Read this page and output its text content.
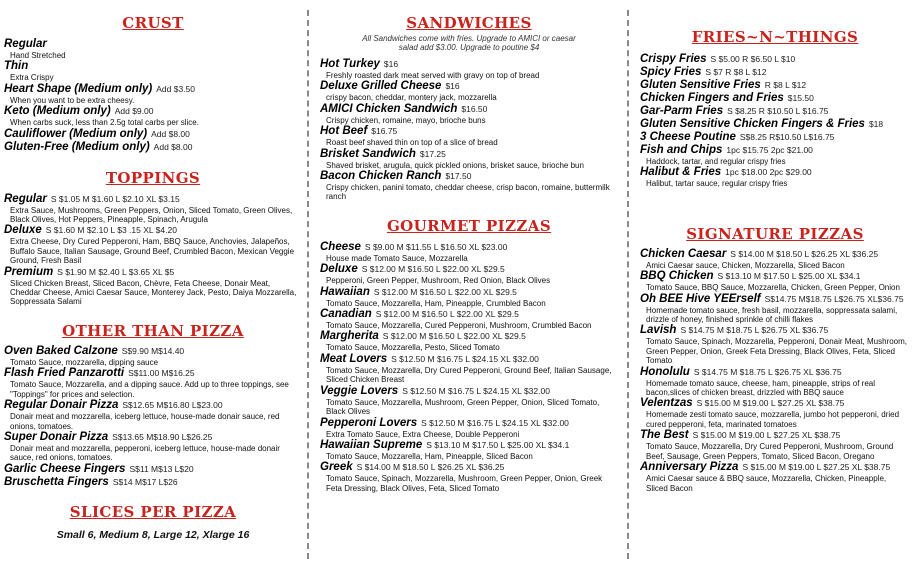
CRUST
Regular
Hand Stretched
Thin
Extra Crispy
Heart Shape (Medium only) Add $3.50
When you want to be extra cheesy.
Keto (Medium only) Add $9.00
When carbs suck, less than 2.5g total carbs per slice.
Cauliflower (Medium only) Add $8.00
Gluten-Free (Medium only) Add $8.00
TOPPINGS
Regular S $1.05 M $1.60 L $2.10 XL $3.15
Extra Sauce, Mushrooms, Green Peppers, Onion, Sliced Tomato, Green Olives, Black Olives, Hot Peppers, Pineapple, Spinach, Arugula
Deluxe S $1.60 M $2.10 L $3 .15 XL $4.20
Extra Cheese, Dry Cured Pepperoni, Ham, BBQ Sauce, Anchovies, Jalapeños, Buffalo Sauce, Italian Sausage, Ground Beef, Crumbled Bacon, Mexican Veggie Ground, Fresh Basil
Premium S $1.90 M $2.40 L $3.65 XL $5
Sliced Chicken Breast, Sliced Bacon, Chèvre, Feta Cheese, Donair Meat, Cheddar Cheese, Amici Caesar Sauce, Monterey Jack, Pesto, Daiya Mozzarella, Soppressata Salami
OTHER THAN PIZZA
Oven Baked Calzone S$9.90 M$14.40
Tomato Sauce, mozzarella, dipping sauce
Flash Fried Panzarotti S$11.00 M$16.25
Tomato Sauce, Mozzarella, and a dipping sauce. Add up to three toppings, see "Toppings" for prices and selection.
Regular Donair Pizza S$12.65 M$16.80 L$23.00
Donair meat and mozzarella, iceberg lettuce, house-made donair sauce, red onions, tomatoes.
Super Donair Pizza S$13.65 M$18.90 L$26.25
Donair meat and mozzarella, pepperoni, iceberg lettuce, house-made donair sauce, red onions, tomatoes.
Garlic Cheese Fingers S$11 M$13 L$20
Bruschetta Fingers S$14 M$17 L$26
SLICES PER PIZZA
Small 6, Medium 8, Large 12, Xlarge 16
SANDWICHES
All Sandwiches come with fries. Upgrade to AMICI or caesar salad add $3.00. Upgrade to poutine $4
Hot Turkey $16
Freshly roasted dark meat served with gravy on top of bread
Deluxe Grilled Cheese $16
crispy bacon, cheddar, montery jack, mozzarella
AMICI Chicken Sandwich $16.50
Crispy chicken, romaine, mayo, brioche buns
Hot Beef $16.75
Roast beef shaved thin on top of a slice of bread
Brisket Sandwich $17.25
Shaved brisket, arugula, quick pickled onions, brisket sauce, brioche bun
Bacon Chicken Ranch $17.50
Crispy chicken, panini tomato, cheddar cheese, crisp bacon, romaine, buttermilk ranch
GOURMET PIZZAS
Cheese S $9.00 M $11.55 L $16.50 XL $23.00
House made Tomato Sauce, Mozzarella
Deluxe S $12.00 M $16.50 L $22.00 XL $29.5
Pepperoni, Green Pepper, Mushroom, Red Onion, Black Olives
Hawaiian S $12.00 M $16.50 L $22.00 XL $29.5
Tomato Sauce, Mozzarella, Ham, Pineapple, Crumbled Bacon
Canadian S $12.00 M $16.50 L $22.00 XL $29.5
Tomato Sauce, Mozzarella, Cured Pepperoni, Mushroom, Crumbled Bacon
Margherita S $12.00 M $16.50 L $22.00 XL $29.5
Tomato Sauce, Mozzarella, Pesto, Sliced Tomato
Meat Lovers S $12.50 M $16.75 L $24.15 XL $32.00
Tomato Sauce, Mozzarella, Dry Cured Pepperoni, Ground Beef, Italian Sausage, Sliced Chicken Breast
Veggie Lovers S $12.50 M $16.75 L $24.15 XL $32.00
Tomato Sauce, Mozzarella, Mushroom, Green Pepper, Onion, Sliced Tomato, Black Olives
Pepperoni Lovers S $12.50 M $16.75 L $24.15 XL $32.00
Extra Tomato Sauce, Extra Cheese, Double Pepperoni
Hawaiian Supreme S $13.10 M $17.50 L $25.00 XL $34.1
Tomato Sauce, Mozzarella, Ham, Pineapple, Sliced Bacon
Greek S $14.00 M $18.50 L $26.25 XL $36.25
Tomato Sauce, Spinach, Mozzarella, Mushroom, Green Pepper, Onion, Greek Feta Dressing, Black Olives, Feta, Sliced Tomato
FRIES~N~THINGS
Crispy Fries S $5.00 R $6.50 L $10
Spicy Fries S $7 R $8 L $12
Gluten Sensitive Fries R $8 L $12
Chicken Fingers and Fries $15.50
Gar-Parm Fries S $8.25 R $10.50 L $16.75
Gluten Sensitive Chicken Fingers & Fries $18
3 Cheese Poutine S$8.25 R$10.50 L$16.75
Fish and Chips 1pc $15.75 2pc $21.00
Haddock, tartar, and regular crispy fries
Halibut & Fries 1pc $18.00 2pc $29.00
Halibut, tartar sauce, regular crispy fries
SIGNATURE PIZZAS
Chicken Caesar S $14.00 M $18.50 L $26.25 XL $36.25
Amici Caesar sauce, Chicken, Mozzarella, Sliced Bacon
BBQ Chicken S $13.10 M $17.50 L $25.00 XL $34.1
Tomato Sauce, BBQ Sauce, Mozzarella, Chicken, Green Pepper, Onion
Oh BEE Hive YEErself S$14.75 M$18.75 L$26.75 XL$36.75
Homemade tomato sauce, fresh basil, mozzarella, soppressata salami, drizzle of honey, finished sprinkle of chilli flakes
Lavish S $14.75 M $18.75 L $26.75 XL $36.75
Tomato Sauce, Spinach, Mozzarella, Pepperoni, Donair Meat, Mushroom, Green Pepper, Onion, Greek Feta Dressing, Black Olives, Feta, Sliced Tomato
Honolulu S $14.75 M $18.75 L $26.75 XL $36.75
Homemade tomato sauce, cheese, ham, pineapple, strips of real bacon,slices of chicken breast, drizzled with BBQ sauce
Velentzas S $15.00 M $19.00 L $27.25 XL $38.75
Homemade zesti tomato sauce, mozzarella, jumbo hot pepperoni, dried cured pepperoni, feta, marinated tomatoes
The Best S $15.00 M $19.00 L $27.25 XL $38.75
Tomato Sauce, Mozzarella, Dry Cured Pepperoni, Mushroom, Ground Beef, Sausage, Green Peppers, Tomato, Sliced Bacon, Oregano
Anniversary Pizza S $15.00 M $19.00 L $27.25 XL $38.75
Amici Caesar sauce & BBQ sauce, Mozzarella, Chicken, Pineapple, Sliced Bacon
